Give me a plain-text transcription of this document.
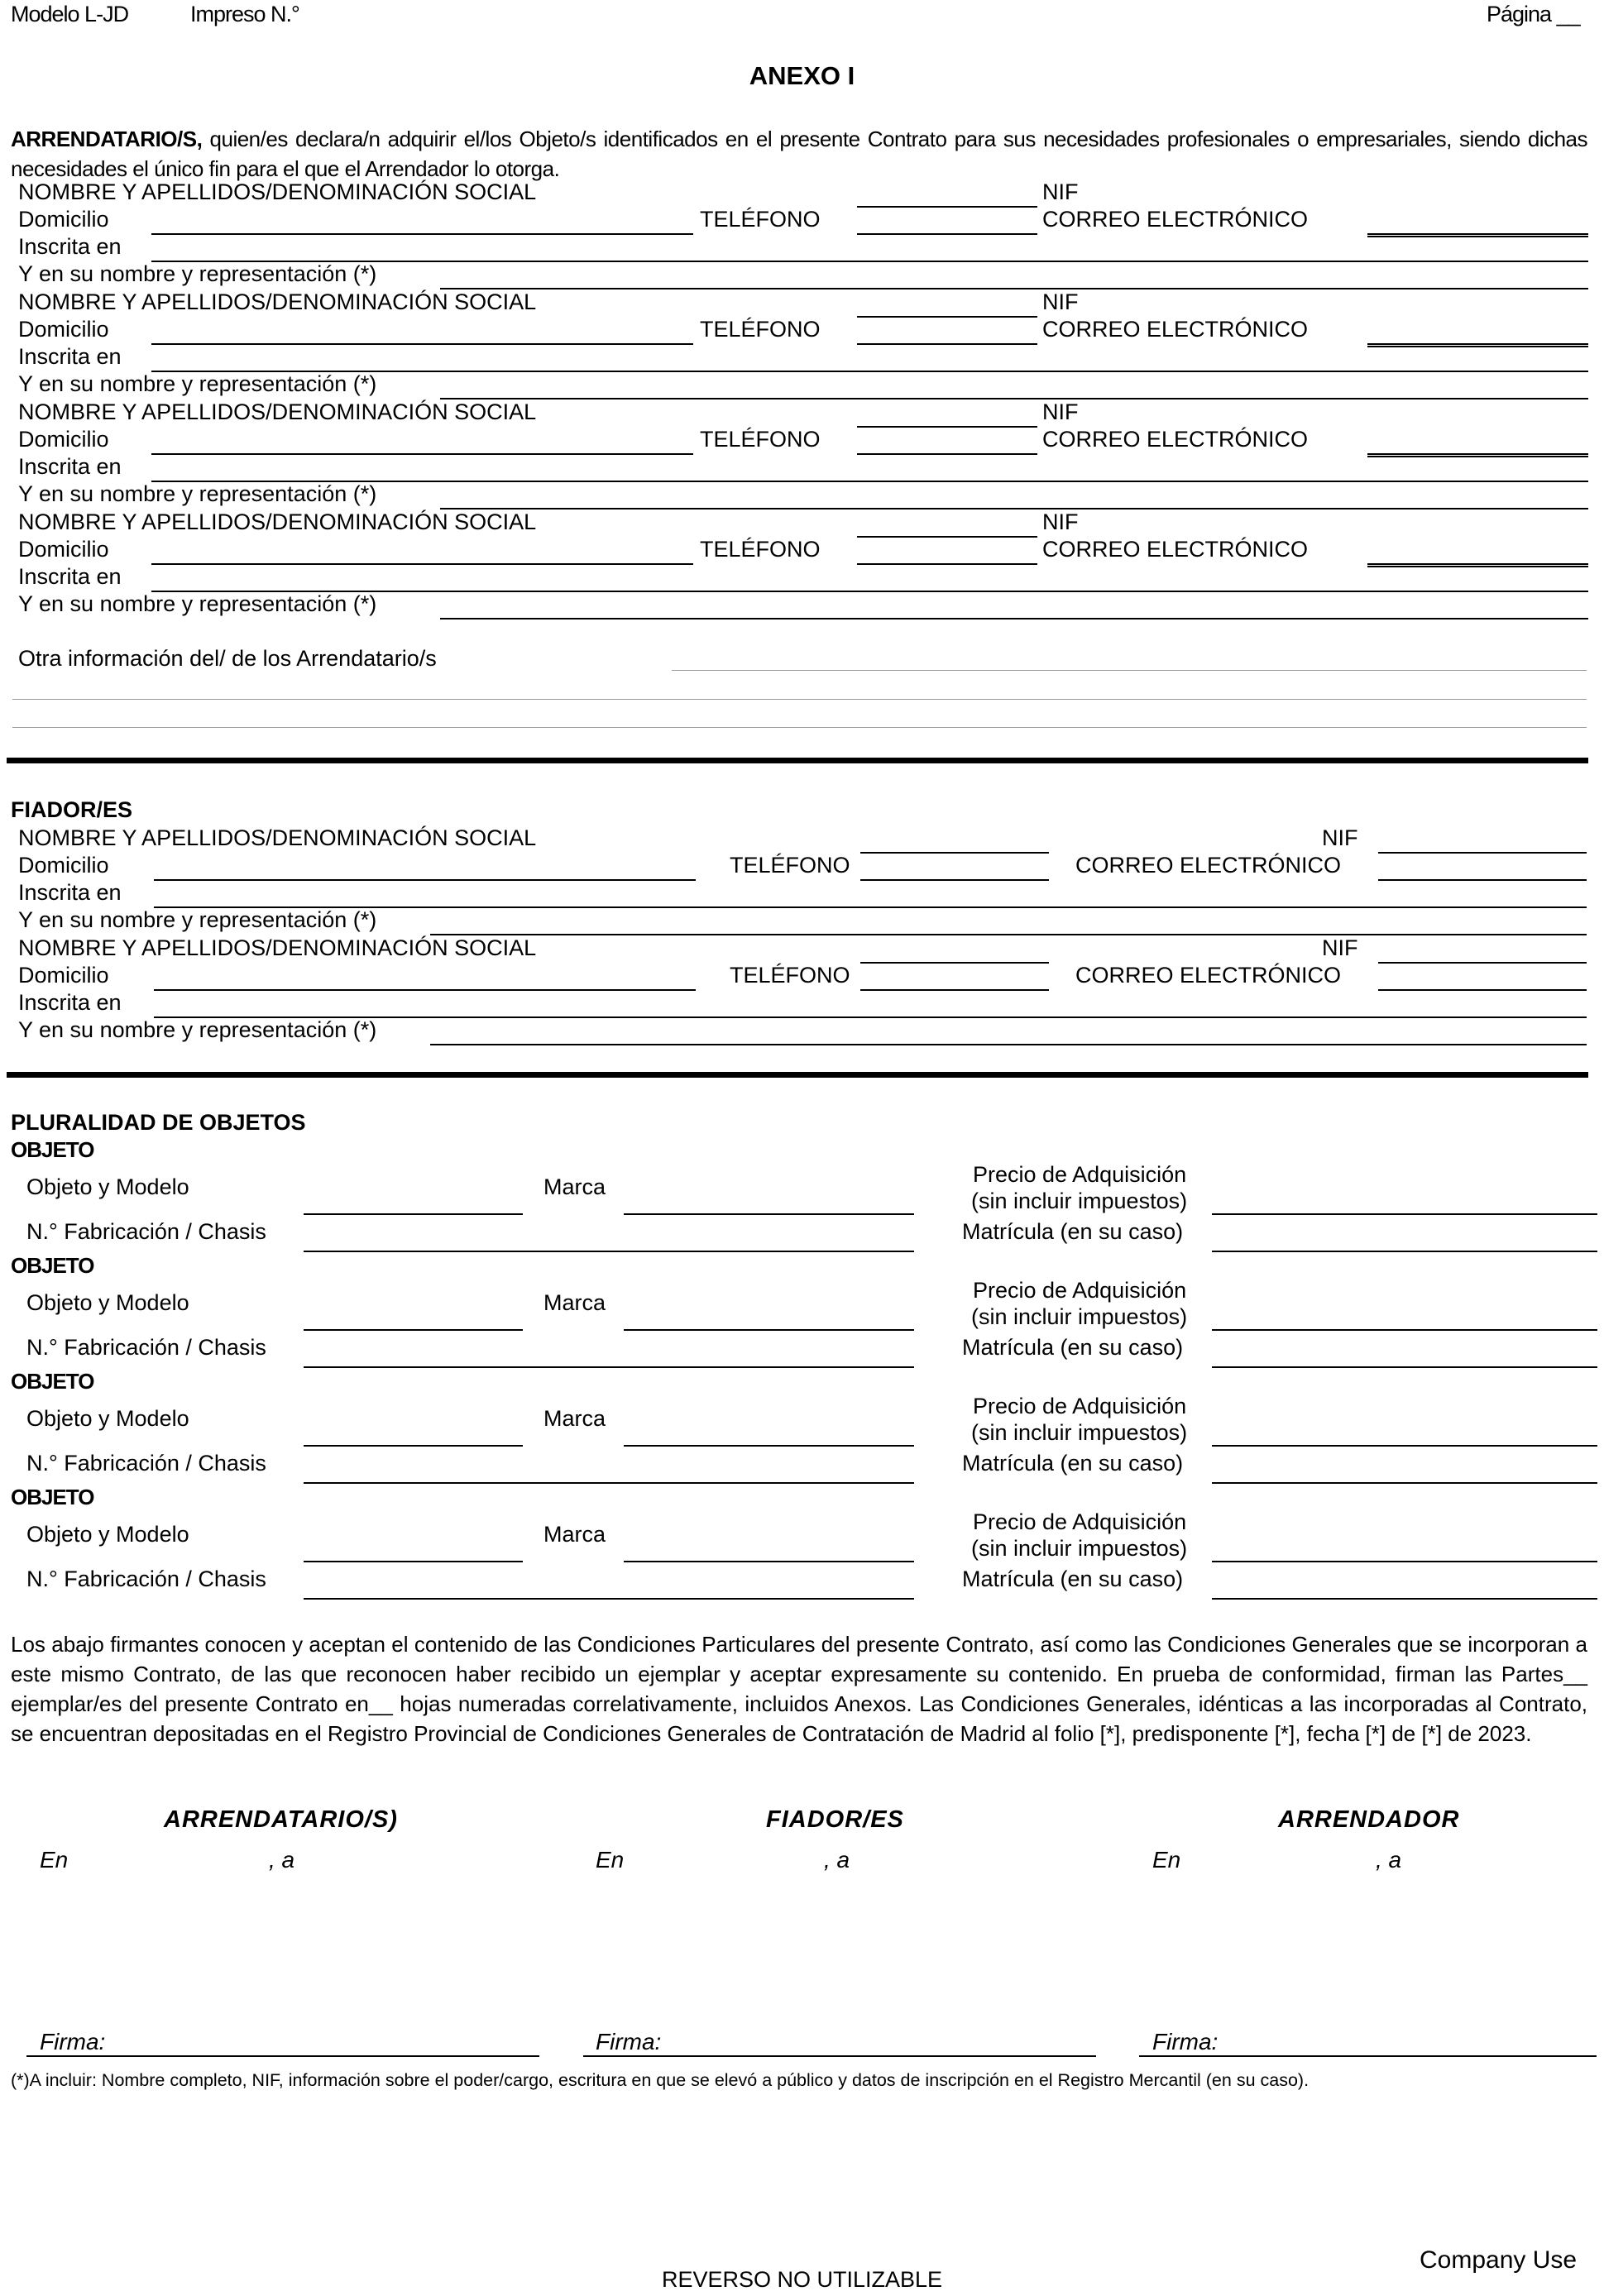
Modelo L-JD	Impreso N.°	Página __
ANEXO I
ARRENDATARIO/S, quien/es declara/n adquirir el/los Objeto/s identificados en el presente Contrato para sus necesidades profesionales o empresariales, siendo dichas necesidades el único fin para el que el Arrendador lo otorga.
NOMBRE Y APELLIDOS/DENOMINACIÓN SOCIAL	NIF
Domicilio	TELÉFONO	CORREO ELECTRÓNICO
Inscrita en
Y en su nombre y representación (*)
NOMBRE Y APELLIDOS/DENOMINACIÓN SOCIAL	NIF
Domicilio	TELÉFONO	CORREO ELECTRÓNICO
Inscrita en
Y en su nombre y representación (*)
NOMBRE Y APELLIDOS/DENOMINACIÓN SOCIAL	NIF
Domicilio	TELÉFONO	CORREO ELECTRÓNICO
Inscrita en
Y en su nombre y representación (*)
NOMBRE Y APELLIDOS/DENOMINACIÓN SOCIAL	NIF
Domicilio	TELÉFONO	CORREO ELECTRÓNICO
Inscrita en
Y en su nombre y representación (*)
Otra información del/ de los Arrendatario/s
FIADOR/ES
NOMBRE Y APELLIDOS/DENOMINACIÓN SOCIAL	NIF
Domicilio	TELÉFONO	CORREO ELECTRÓNICO
Inscrita en
Y en su nombre y representación (*)
NOMBRE Y APELLIDOS/DENOMINACIÓN SOCIAL	NIF
Domicilio	TELÉFONO	CORREO ELECTRÓNICO
Inscrita en
Y en su nombre y representación (*)
PLURALIDAD DE OBJETOS
OBJETO
Objeto y Modelo	Marca	Precio de Adquisición
(sin incluir impuestos)
N.° Fabricación / Chasis	Matrícula (en su caso)
OBJETO
Objeto y Modelo	Marca	Precio de Adquisición
(sin incluir impuestos)
N.° Fabricación / Chasis	Matrícula (en su caso)
OBJETO
Objeto y Modelo	Marca	Precio de Adquisición
(sin incluir impuestos)
N.° Fabricación / Chasis	Matrícula (en su caso)
OBJETO
Objeto y Modelo	Marca	Precio de Adquisición
(sin incluir impuestos)
N.° Fabricación / Chasis	Matrícula (en su caso)
Los abajo firmantes conocen y aceptan el contenido de las Condiciones Particulares del presente Contrato, así como las Condiciones Generales que se incorporan a este mismo Contrato, de las que reconocen haber recibido un ejemplar y aceptar expresamente su contenido. En prueba de conformidad, firman las Partes__ ejemplar/es del presente Contrato en__ hojas numeradas correlativamente, incluidos Anexos. Las Condiciones Generales, idénticas a las incorporadas al Contrato, se encuentran depositadas en el Registro Provincial de Condiciones Generales de Contratación de Madrid al folio [*], predisponente [*], fecha [*] de [*] de 2023.
ARRENDATARIO/S)	FIADOR/ES	ARRENDADOR
En	, a	En	, a	En	, a
Firma:	Firma:	Firma:
(*)A incluir: Nombre completo, NIF, información sobre el poder/cargo, escritura en que se elevó a público y datos de inscripción en el Registro Mercantil (en su caso).
Company Use
REVERSO NO UTILIZABLE
